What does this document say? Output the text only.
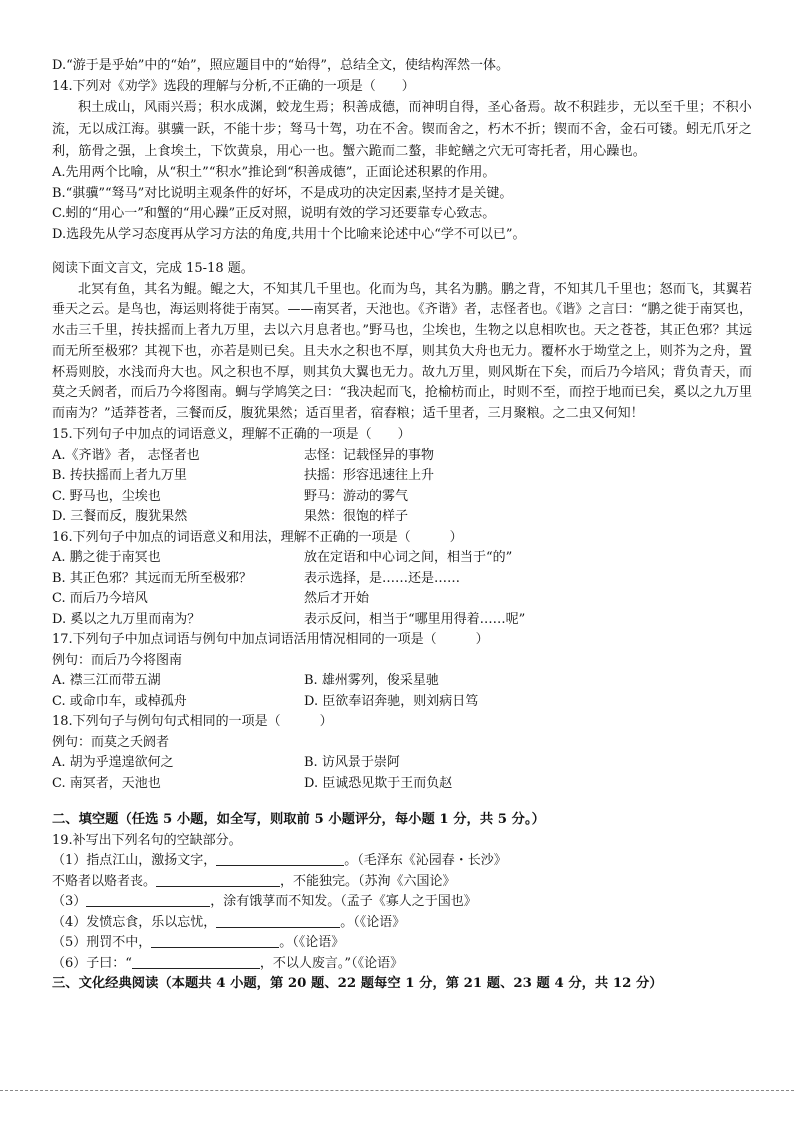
D.“游于是乎始”中的“始”，照应题目中的“始得”，总结全文，使结构浑然一体。
14.下列对《劝学》选段的理解与分析,不正确的一项是（　　）
积土成山，风雨兴焉；积水成渊，蛟龙生焉；积善成德，而神明自得，圣心备焉。故不积跬步，无以至千里；不积小流，无以成江海。骐骥一跃，不能十步；驽马十驾，功在不舍。锲而舍之，朽木不折；锲而不舍，金石可镂。蚓无爪牙之利，筋骨之强，上食埃土，下饮黄泉，用心一也。蟹六跪而二螯，非蛇鳝之穴无可寄托者，用心躁也。
A.先用两个比喻，从“积土”“积水”推论到“积善成德”，正面论述积累的作用。
B.“骐骥”“驽马”对比说明主观条件的好坏，不是成功的决定因素,坚持才是关键。
C.蚓的“用心一”和蟹的“用心躁”正反对照，说明有效的学习还要靠专心致志。
D.选段先从学习态度再从学习方法的角度,共用十个比喻来论述中心“学不可以已”。
阅读下面文言文，完成 15-18 题。
北冥有鱼，其名为鲲。鲲之大，不知其几千里也。化而为鸟，其名为鹏。鹏之背，不知其几千里也；怒而飞，其翼若垂天之云。是鸟也，海运则将徙于南冥。——南冥者，天池也。《齐谐》者，志怪者也。《谐》之言曰：“鹏之徙于南冥也，水击三千里，抟扶摇而上者九万里，去以六月息者也。”野马也，尘埃也，生物之以息相吹也。天之苍苍，其正色邪？其远而无所至极邪？其视下也，亦若是则已矣。且夫水之积也不厚，则其负大舟也无力。覆杯水于坳堂之上，则芥为之舟，置杯焉则胶，水浅而舟大也。风之积也不厚，则其负大翼也无力。故九万里，则风斯在下矣，而后乃今培风；背负青天，而莫之夭阏者，而后乃今将图南。蜩与学鸠笑之曰：“我决起而飞，抢榆枋而止，时则不至，而控于地而已矣，奚以之九万里而南为？”适莽苍者，三餐而反，腹犹果然；适百里者，宿舂粮；适千里者，三月聚粮。之二虫又何知！
15.下列句子中加点的词语意义，理解不正确的一项是（　　）
A.《齐谐》者， 志怪者也	志怪：记载怪异的事物
B. 抟扶摇而上者九万里	扶摇：形容迅速往上升
C. 野马也，尘埃也	野马：游动的雾气
D. 三餐而反，腹犹果然	果然：很饱的样子
16.下列句子中加点的词语意义和用法，理解不正确的一项是（　　　）
A. 鹏之徙于南冥也	放在定语和中心词之间，相当于“的”
B. 其正色邪？其远而无所至极邪？	表示选择，是……还是……
C. 而后乃今培风	然后才开始
D. 奚以之九万里而南为？	表示反问，相当于“哪里用得着……呢”
17.下列句子中加点词语与例句中加点词语活用情况相同的一项是（　　　）
例句：而后乃今将图南
A. 襟三江而带五湖	B. 雄州雾列，俊采星驰
C. 或命巾车，或棹孤舟	D. 臣欲奉诏奔驰，则刘病日笃
18.下列句子与例句句式相同的一项是（　　　）
例句：而莫之夭阏者
A. 胡为乎遑遑欲何之	B. 访风景于崇阿
C. 南冥者，天池也	D. 臣诚恐见欺于王而负赵
二、填空题（任选 5 小题，如全写，则取前 5 小题评分，每小题 1 分，共 5 分。）
19.补写出下列名句的空缺部分。
（1）指点江山，激扬文字，	。（毛泽东《沁园春・长沙》
不赂者以赂者丧。	，不能独完。（苏洵《六国论》
（3）	，涂有饿莩而不知发。（孟子《寡人之于国也》
（4）发愤忘食，乐以忘忧，	。（《论语》
（5）刑罚不中，	。（《论语》
（6）子曰：“	，不以人废言。”（《论语》
三、文化经典阅读（本题共 4 小题，第 20 题、22 题每空 1 分，第 21 题、23 题 4 分，共 12 分）
